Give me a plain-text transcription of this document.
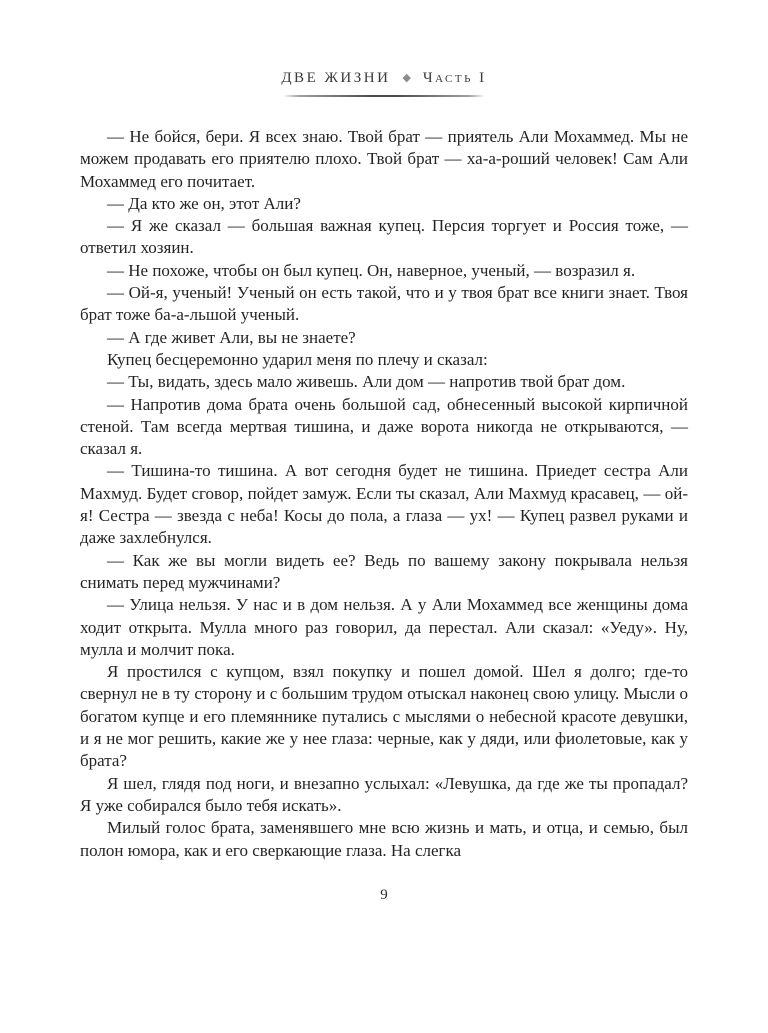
ДВЕ ЖИЗНИ ◆ Часть I

— Не бойся, бери. Я всех знаю. Твой брат — приятель Али Мохаммед. Мы не можем продавать его приятелю плохо. Твой брат — ха-а-роший человек! Сам Али Мохаммед его почитает.

— Да кто же он, этот Али?

— Я же сказал — большая важная купец. Персия торгует и Россия тоже, — ответил хозяин.

— Не похоже, чтобы он был купец. Он, наверное, ученый, — возразил я.

— Ой-я, ученый! Ученый он есть такой, что и у твоя брат все книги знает. Твоя брат тоже ба-а-льшой ученый.

— А где живет Али, вы не знаете?

Купец бесцеремонно ударил меня по плечу и сказал:

— Ты, видать, здесь мало живешь. Али дом — напротив твой брат дом.

— Напротив дома брата очень большой сад, обнесенный высокой кирпичной стеной. Там всегда мертвая тишина, и даже ворота никогда не открываются, — сказал я.

— Тишина-то тишина. А вот сегодня будет не тишина. Приедет сестра Али Махмуд. Будет сговор, пойдет замуж. Если ты сказал, Али Махмуд красавец, — ой-я! Сестра — звезда с неба! Косы до пола, а глаза — ух! — Купец развел руками и даже захлебнулся.

— Как же вы могли видеть ее? Ведь по вашему закону покрывала нельзя снимать перед мужчинами?

— Улица нельзя. У нас и в дом нельзя. А у Али Мохаммед все женщины дома ходит открыта. Мулла много раз говорил, да перестал. Али сказал: «Уеду». Ну, мулла и молчит пока.

Я простился с купцом, взял покупку и пошел домой. Шел я долго; где-то свернул не в ту сторону и с большим трудом отыскал наконец свою улицу. Мысли о богатом купце и его племяннике путались с мыслями о небесной красоте девушки, и я не мог решить, какие же у нее глаза: черные, как у дяди, или фиолетовые, как у брата?

Я шел, глядя под ноги, и внезапно услыхал: «Левушка, да где же ты пропадал? Я уже собирался было тебя искать».

Милый голос брата, заменявшего мне всю жизнь и мать, и отца, и семью, был полон юмора, как и его сверкающие глаза. На слегка

9
